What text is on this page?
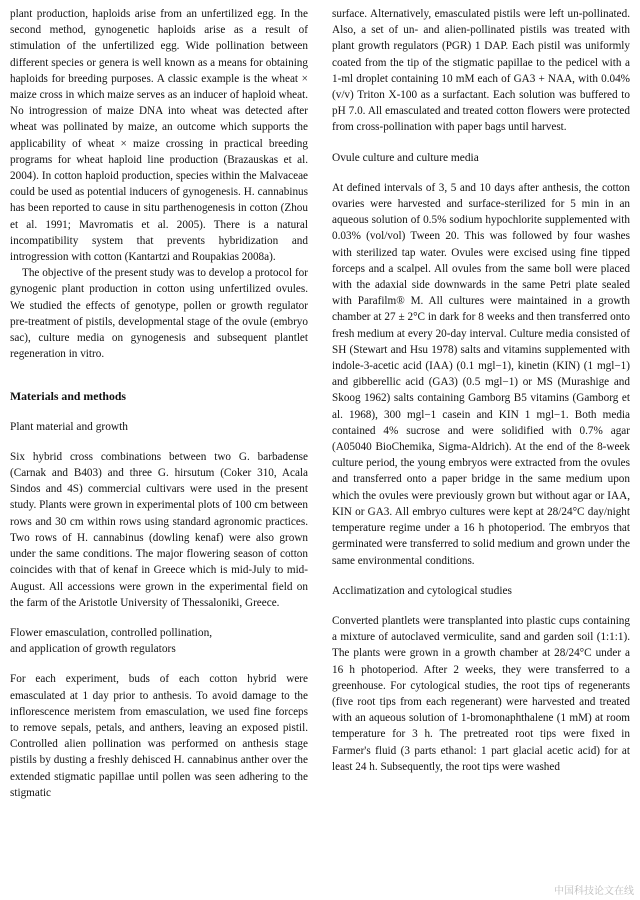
plant production, haploids arise from an unfertilized egg. In the second method, gynogenetic haploids arise as a result of stimulation of the unfertilized egg. Wide pollination between different species or genera is well known as a means for obtaining haploids for breeding purposes. A classic example is the wheat × maize cross in which maize serves as an inducer of haploid wheat. No introgression of maize DNA into wheat was detected after wheat was pollinated by maize, an outcome which supports the applicability of wheat × maize crossing in practical breeding programs for wheat haploid line production (Brazauskas et al. 2004). In cotton haploid production, species within the Malvaceae could be used as potential inducers of gynogenesis. H. cannabinus has been reported to cause in situ parthenogenesis in cotton (Zhou et al. 1991; Mavromatis et al. 2005). There is a natural incompatibility system that prevents hybridization and introgression with cotton (Kantartzi and Roupakias 2008a).

The objective of the present study was to develop a protocol for gynogenic plant production in cotton using unfertilized ovules. We studied the effects of genotype, pollen or growth regulator pre-treatment of pistils, developmental stage of the ovule (embryo sac), culture media on gynogenesis and subsequent plantlet regeneration in vitro.

Materials and methods

Plant material and growth

Six hybrid cross combinations between two G. barbadense (Carnak and B403) and three G. hirsutum (Coker 310, Acala Sindos and 4S) commercial cultivars were used in the present study. Plants were grown in experimental plots of 100 cm between rows and 30 cm within rows using standard agronomic practices. Two rows of H. cannabinus (dowling kenaf) were also grown under the same conditions. The major flowering season of cotton coincides with that of kenaf in Greece which is mid-July to mid-August. All accessions were grown in the experimental field on the farm of the Aristotle University of Thessaloniki, Greece.

Flower emasculation, controlled pollination,

and application of growth regulators

For each experiment, buds of each cotton hybrid were emasculated at 1 day prior to anthesis. To avoid damage to the inflorescence meristem from emasculation, we used fine forceps to remove sepals, petals, and anthers, leaving an exposed pistil. Controlled alien pollination was performed on anthesis stage pistils by dusting a freshly dehisced H. cannabinus anther over the extended stigmatic papillae until pollen was seen adhering to the stigmatic

surface. Alternatively, emasculated pistils were left un-pollinated. Also, a set of un- and alien-pollinated pistils was treated with plant growth regulators (PGR) 1 DAP. Each pistil was uniformly coated from the tip of the stigmatic papillae to the pedicel with a 1-ml droplet containing 10 mM each of GA3 + NAA, with 0.04% (v/v) Triton X-100 as a surfactant. Each solution was buffered to pH 7.0. All emasculated and treated cotton flowers were protected from cross-pollination with paper bags until harvest.

Ovule culture and culture media

At defined intervals of 3, 5 and 10 days after anthesis, the cotton ovaries were harvested and surface-sterilized for 5 min in an aqueous solution of 0.5% sodium hypochlorite supplemented with 0.03% (vol/vol) Tween 20. This was followed by four washes with sterilized tap water. Ovules were excised using fine tipped forceps and a scalpel. All ovules from the same boll were placed with the adaxial side downwards in the same Petri plate sealed with Parafilm® M. All cultures were maintained in a growth chamber at 27 ± 2°C in dark for 8 weeks and then transferred onto fresh medium at every 20-day interval. Culture media consisted of SH (Stewart and Hsu 1978) salts and vitamins supplemented with indole-3-acetic acid (IAA) (0.1 mgl−1), kinetin (KIN) (1 mgl−1) and gibberellic acid (GA3) (0.5 mgl−1) or MS (Murashige and Skoog 1962) salts containing Gamborg B5 vitamins (Gamborg et al. 1968), 300 mgl−1 casein and KIN 1 mgl−1. Both media contained 4% sucrose and were solidified with 0.7% agar (A05040 BioChemika, Sigma-Aldrich). At the end of the 8-week culture period, the young embryos were extracted from the ovules and transferred onto a paper bridge in the same medium upon which the ovules were previously grown but without agar or IAA, KIN or GA3. All embryo cultures were kept at 28/24°C day/night temperature regime under a 16 h photoperiod. The embryos that germinated were transferred to solid medium and grown under the same environmental conditions.

Acclimatization and cytological studies

Converted plantlets were transplanted into plastic cups containing a mixture of autoclaved vermiculite, sand and garden soil (1:1:1). The plants were grown in a growth chamber at 28/24°C under a 16 h photoperiod. After 2 weeks, they were transferred to a greenhouse. For cytological studies, the root tips of regenerants (five root tips from each regenerant) were harvested and treated with an aqueous solution of 1-bromonaphthalene (1 mM) at room temperature for 3 h. The pretreated root tips were fixed in Farmer's fluid (3 parts ethanol: 1 part glacial acetic acid) for at least 24 h. Subsequently, the root tips were washed

中国科技论文在线
